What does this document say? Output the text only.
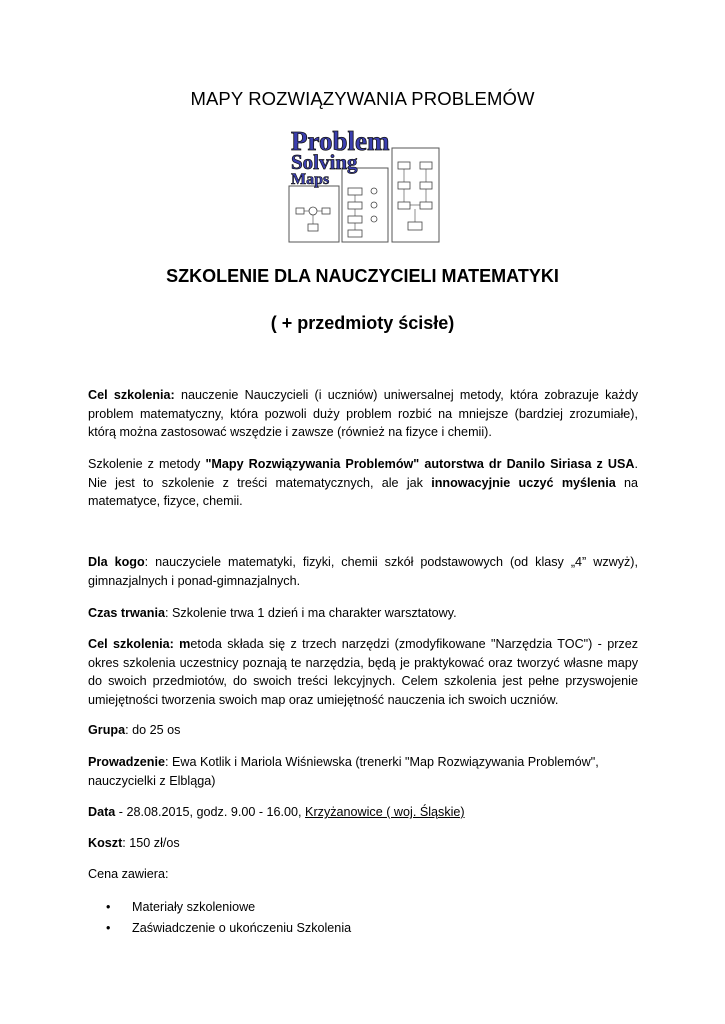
MAPY ROZWIĄZYWANIA PROBLEMÓW
Problem
Solving
Maps
SZKOLENIE DLA NAUCZYCIELI MATEMATYKI
( + przedmioty ścisłe)
Cel szkolenia: nauczenie Nauczycieli (i uczniów) uniwersalnej metody, która zobrazuje każdy problem matematyczny, która pozwoli duży problem rozbić na mniejsze (bardziej zrozumiałe), którą można zastosować wszędzie i zawsze (również na fizyce i chemii).
Szkolenie z metody "Mapy Rozwiązywania Problemów" autorstwa dr Danilo Siriasa z USA. Nie jest to szkolenie z treści matematycznych, ale jak innowacyjnie uczyć myślenia na matematyce, fizyce, chemii.
Dla kogo: nauczyciele matematyki, fizyki, chemii szkół podstawowych (od klasy „4” wzwyż), gimnazjalnych i ponad-gimnazjalnych.
Czas trwania: Szkolenie trwa 1 dzień i ma charakter warsztatowy.
Cel szkolenia: metoda składa się z trzech narzędzi (zmodyfikowane "Narzędzia TOC") - przez okres szkolenia uczestnicy poznają te narzędzia, będą je praktykować oraz tworzyć własne mapy do swoich przedmiotów, do swoich treści lekcyjnych. Celem szkolenia jest pełne przyswojenie umiejętności tworzenia swoich map oraz umiejętność nauczenia ich swoich uczniów.
Grupa: do 25 os
Prowadzenie: Ewa Kotlik i Mariola Wiśniewska (trenerki "Map Rozwiązywania Problemów", nauczycielki z Elbląga)
Data - 28.08.2015, godz. 9.00 - 16.00, Krzyżanowice ( woj. Śląskie)
Koszt: 150 zł/os
Cena zawiera:
• Materiały szkoleniowe
• Zaświadczenie o ukończeniu Szkolenia
